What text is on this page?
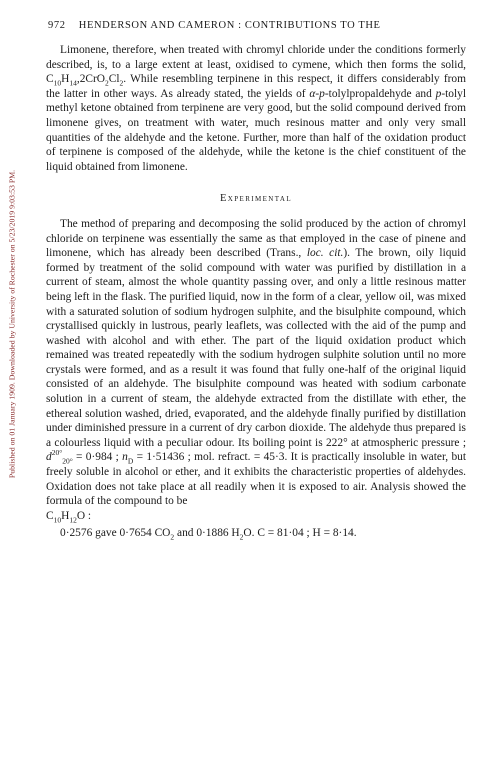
972 HENDERSON AND CAMERON : CONTRIBUTIONS TO THE
Published on 01 January 1909. Downloaded by University of Rochester on 5/23/2019 9:03:53 PM.

Limonene, therefore, when treated with chromyl chloride under the conditions formerly described, is, to a large extent at least, oxidised to cymene, which then forms the solid, $C_{10}H_{14},2CrO_2Cl_2$. While resembling terpinene in this respect, it differs considerably from the latter in other ways. As already stated, the yields of α-p-tolylpropaldehyde and p-tolyl methyl ketone obtained from terpinene are very good, but the solid compound derived from limonene gives, on treatment with water, much resinous matter and only very small quantities of the aldehyde and the ketone. Further, more than half of the oxidation product of terpinene is composed of the aldehyde, while the ketone is the chief constituent of the liquid obtained from limonene.

Experimental

The method of preparing and decomposing the solid produced by the action of chromyl chloride on terpinene was essentially the same as that employed in the case of pinene and limonene, which has already been described (Trans., loc. cit.). The brown, oily liquid formed by treatment of the solid compound with water was purified by distillation in a current of steam, almost the whole quantity passing over, and only a little resinous matter being left in the flask. The purified liquid, now in the form of a clear, yellow oil, was mixed with a saturated solution of sodium hydrogen sulphite, and the bisulphite compound, which crystallised quickly in lustrous, pearly leaflets, was collected with the aid of the pump and washed with alcohol and with ether. The part of the liquid oxidation product which remained was treated repeatedly with the sodium hydrogen sulphite solution until no more crystals were formed, and as a result it was found that fully one-half of the original liquid consisted of an aldehyde. The bisulphite compound was heated with sodium carbonate solution in a current of steam, the aldehyde extracted from the distillate with ether, the ethereal solution washed, dried, evaporated, and the aldehyde finally purified by distillation under diminished pressure in a current of dry carbon dioxide. The aldehyde thus prepared is a colourless liquid with a peculiar odour. Its boiling point is 222° at atmospheric pressure ; $d^{20^\circ}_{20^\circ} = 0\cdot 984$ ; $n_D = 1\cdot 51436$ ; mol. refract. = 45·3. It is practically insoluble in water, but freely soluble in alcohol or ether, and it exhibits the characteristic properties of aldehydes. Oxidation does not take place at all readily when it is exposed to air. Analysis showed the formula of the compound to be

$C_{10}H_{12}O$ :

0·2576 gave 0·7654 $CO_2$ and 0·1886 $H_2O$. C = 81·04 ; H = 8·14.
